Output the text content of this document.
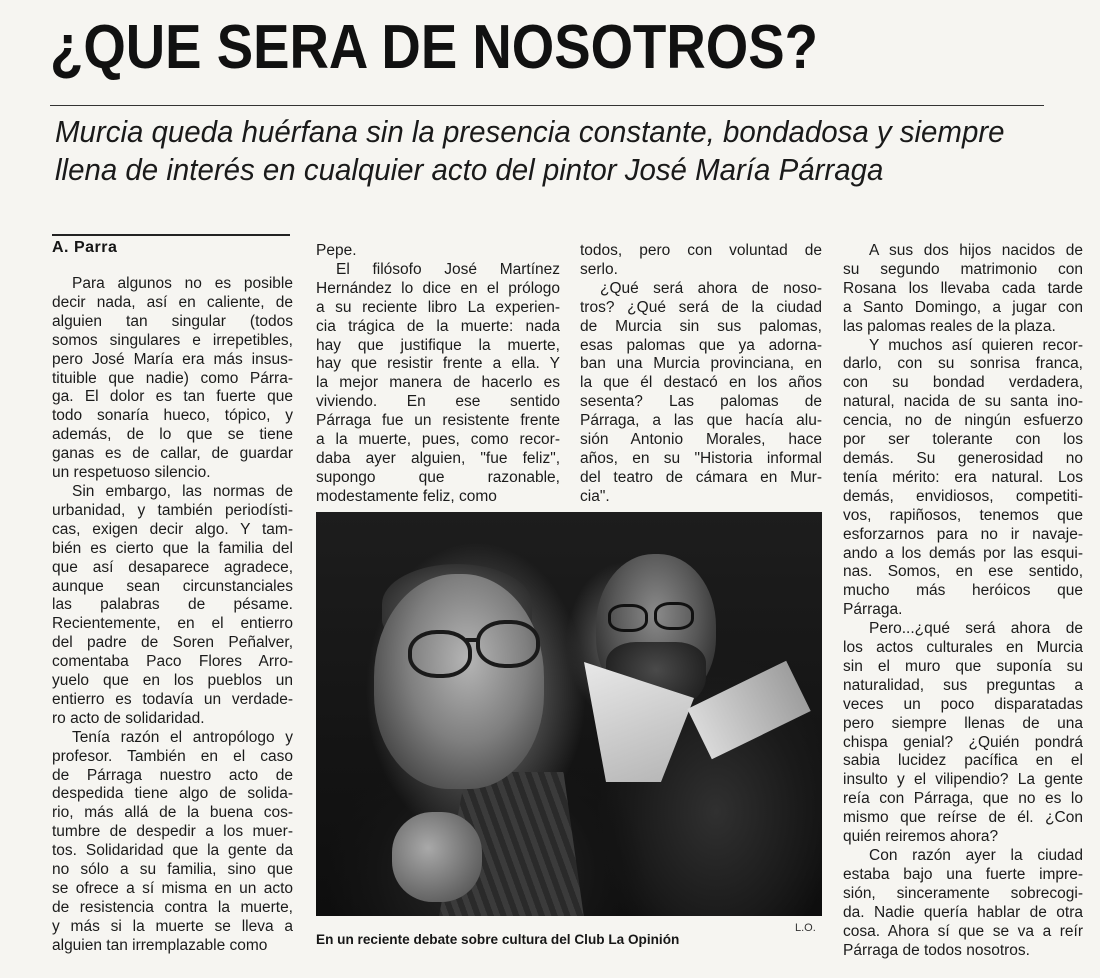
¿QUE SERA DE NOSOTROS?
Murcia queda huérfana sin la presencia constante, bondadosa y siempre
llena de interés en cualquier acto del pintor José María Párraga
A. Parra
Para algunos no es posible
decir nada, así en caliente, de
alguien tan singular (todos
somos singulares e irrepetibles,
pero José María era más insus-
tituible que nadie) como Párra-
ga. El dolor es tan fuerte que
todo sonaría hueco, tópico, y
además, de lo que se tiene
ganas es de callar, de guardar
un respetuoso silencio.
Sin embargo, las normas de
urbanidad, y también periodísti-
cas, exigen decir algo. Y tam-
bién es cierto que la familia del
que así desaparece agradece,
aunque sean circunstanciales
las palabras de pésame.
Recientemente, en el entierro
del padre de Soren Peñalver,
comentaba Paco Flores Arro-
yuelo que en los pueblos un
entierro es todavía un verdade-
ro acto de solidaridad.
Tenía razón el antropólogo y
profesor. También en el caso
de Párraga nuestro acto de
despedida tiene algo de solida-
rio, más allá de la buena cos-
tumbre de despedir a los muer-
tos. Solidaridad que la gente da
no sólo a su familia, sino que
se ofrece a sí misma en un acto
de resistencia contra la muerte,
y más si la muerte se lleva a
alguien tan irremplazable como
Pepe.
El filósofo José Martínez
Hernández lo dice en el prólogo
a su reciente libro La experien-
cia trágica de la muerte: nada
hay que justifique la muerte,
hay que resistir frente a ella. Y
la mejor manera de hacerlo es
viviendo. En ese sentido
Párraga fue un resistente frente
a la muerte, pues, como recor-
daba ayer alguien, "fue feliz",
supongo que razonable,
modestamente feliz, como
todos, pero con voluntad de
serlo.
¿Qué será ahora de noso-
tros? ¿Qué será de la ciudad
de Murcia sin sus palomas,
esas palomas que ya adorna-
ban una Murcia provinciana, en
la que él destacó en los años
sesenta? Las palomas de
Párraga, a las que hacía alu-
sión Antonio Morales, hace
años, en su "Historia informal
del teatro de cámara en Mur-
cia".
A sus dos hijos nacidos de
su segundo matrimonio con
Rosana los llevaba cada tarde
a Santo Domingo, a jugar con
las palomas reales de la plaza.
Y muchos así quieren recor-
darlo, con su sonrisa franca,
con su bondad verdadera,
natural, nacida de su santa ino-
cencia, no de ningún esfuerzo
por ser tolerante con los
demás. Su generosidad no
tenía mérito: era natural. Los
demás, envidiosos, competiti-
vos, rapiñosos, tenemos que
esforzarnos para no ir navaje-
ando a los demás por las esqui-
nas. Somos, en ese sentido,
mucho más heróicos que
Párraga.
Pero...¿qué será ahora de
los actos culturales en Murcia
sin el muro que suponía su
naturalidad, sus preguntas a
veces un poco disparatadas
pero siempre llenas de una
chispa genial? ¿Quién pondrá
sabia lucidez pacífica en el
insulto y el vilipendio? La gente
reía con Párraga, que no es lo
mismo que reírse de él. ¿Con
quién reiremos ahora?
Con razón ayer la ciudad
estaba bajo una fuerte impre-
sión, sinceramente sobrecogi-
da. Nadie quería hablar de otra
cosa. Ahora sí que se va a reír
Párraga de todos nosotros.
L.O.
En un reciente debate sobre cultura del Club La Opinión
